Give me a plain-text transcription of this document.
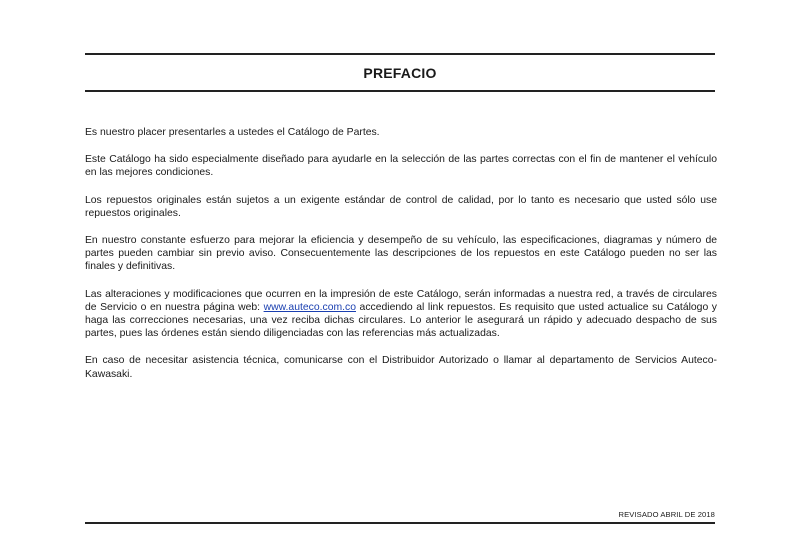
PREFACIO

Es nuestro placer presentarles a ustedes el Catálogo de Partes.

Este Catálogo ha sido especialmente diseñado para ayudarle en la selección de las partes correctas con el fin de mantener el vehículo en las mejores condiciones.

Los repuestos originales están sujetos a un exigente estándar de control de calidad, por lo tanto es necesario que usted sólo use repuestos originales.

En nuestro constante esfuerzo para mejorar la eficiencia y desempeño de su vehículo, las especificaciones, diagramas y número de partes pueden cambiar sin previo aviso. Consecuentemente las descripciones de los repuestos en este Catálogo pueden no ser las finales y definitivas.

Las alteraciones y modificaciones que ocurren en la impresión de este Catálogo, serán informadas a nuestra red, a través de circulares de Servicio o en nuestra página web: www.auteco.com.co accediendo al link repuestos. Es requisito que usted actualice su Catálogo y haga las correcciones necesarias, una vez reciba dichas circulares. Lo anterior le asegurará un rápido y adecuado despacho de sus partes, pues las órdenes están siendo diligenciadas con las referencias más actualizadas.

En caso de necesitar asistencia técnica, comunicarse con el Distribuidor Autorizado o llamar al departamento de Servicios Auteco-Kawasaki.

REVISADO ABRIL DE 2018
